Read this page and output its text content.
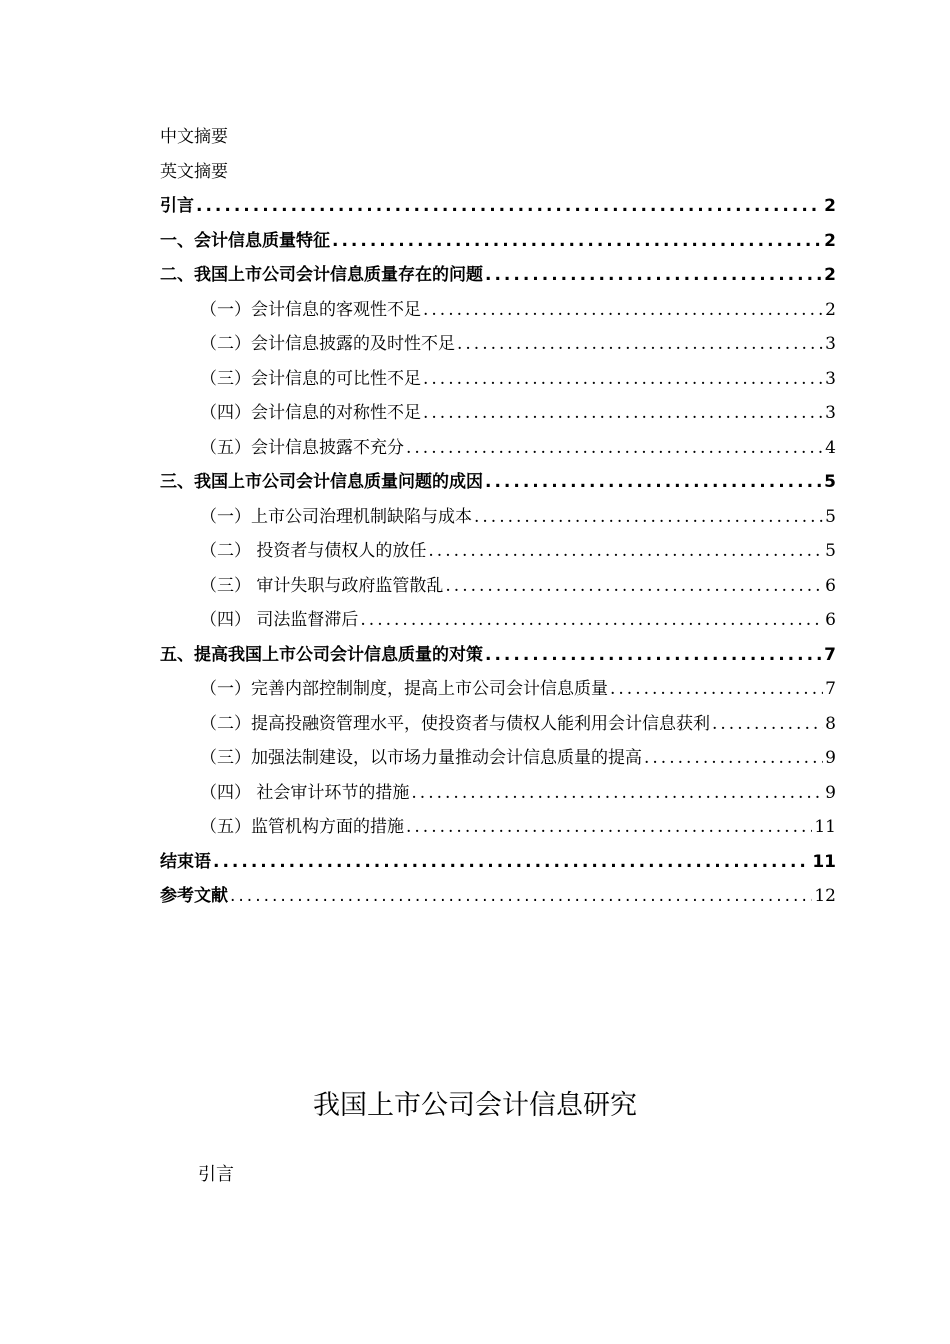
中文摘要
英文摘要
引言 .....	2
一、会计信息质量特征 .....	2
二、我国上市公司会计信息质量存在的问题 .....	2
（一）会计信息的客观性不足 .....	2
（二）会计信息披露的及时性不足 .....	3
（三）会计信息的可比性不足 .....	3
（四）会计信息的对称性不足 .....	3
（五）会计信息披露不充分 .....	4
三、我国上市公司会计信息质量问题的成因 .....	5
（一）上市公司治理机制缺陷与成本 .....	5
（二） 投资者与债权人的放任 .....	5
（三） 审计失职与政府监管散乱 .....	6
（四） 司法监督滞后 .....	6
五、提高我国上市公司会计信息质量的对策 .....	7
（一）完善内部控制制度，提高上市公司会计信息质量 .....	7
（二）提高投融资管理水平，使投资者与债权人能利用会计信息获利 .....	8
（三）加强法制建设，以市场力量推动会计信息质量的提高 .....	9
（四） 社会审计环节的措施 .....	9
（五）监管机构方面的措施 .....	11
结束语 .....	11
参考文献 .....	12
我国上市公司会计信息研究
引言
